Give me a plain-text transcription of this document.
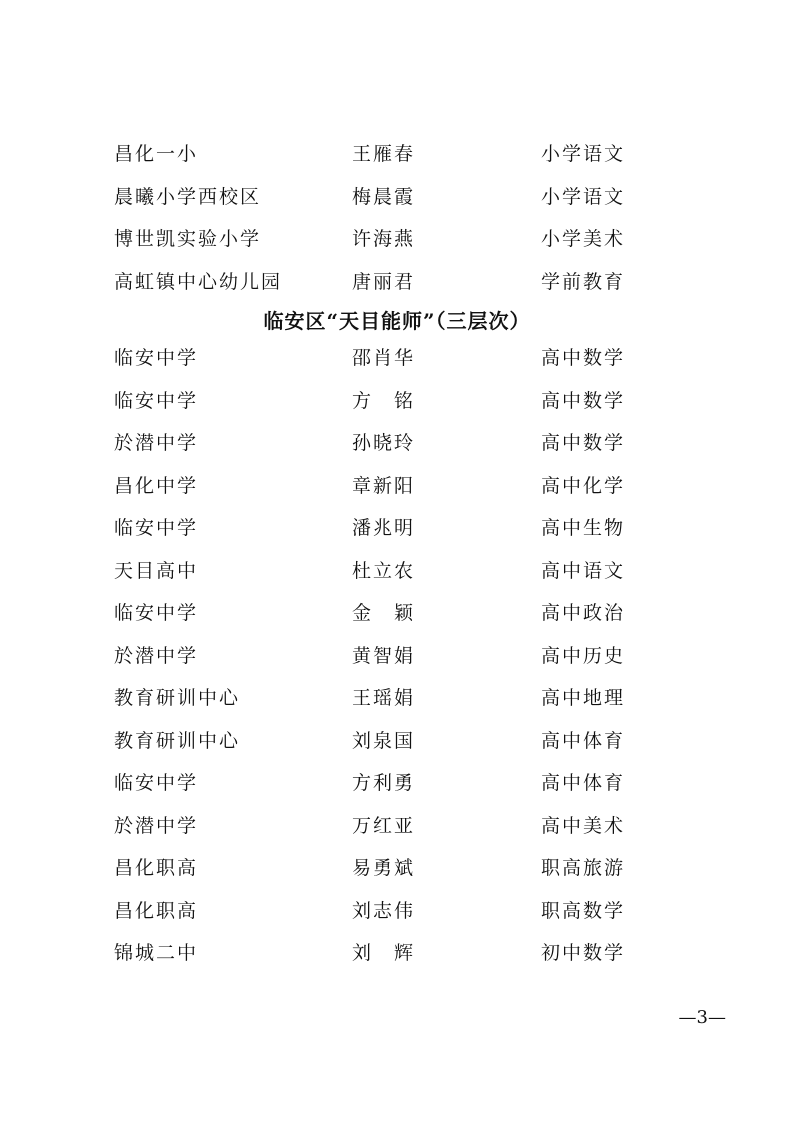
昌化一小	王雁春	小学语文
晨曦小学西校区	梅晨霞	小学语文
博世凯实验小学	许海燕	小学美术
高虹镇中心幼儿园	唐丽君	学前教育
临安区“天目能师”（三层次）
临安中学	邵肖华	高中数学
临安中学	方　铭	高中数学
於潜中学	孙晓玲	高中数学
昌化中学	章新阳	高中化学
临安中学	潘兆明	高中生物
天目高中	杜立农	高中语文
临安中学	金　颖	高中政治
於潜中学	黄智娟	高中历史
教育研训中心	王瑶娟	高中地理
教育研训中心	刘泉国	高中体育
临安中学	方利勇	高中体育
於潜中学	万红亚	高中美术
昌化职高	易勇斌	职高旅游
昌化职高	刘志伟	职高数学
锦城二中	刘　辉	初中数学
—3—
